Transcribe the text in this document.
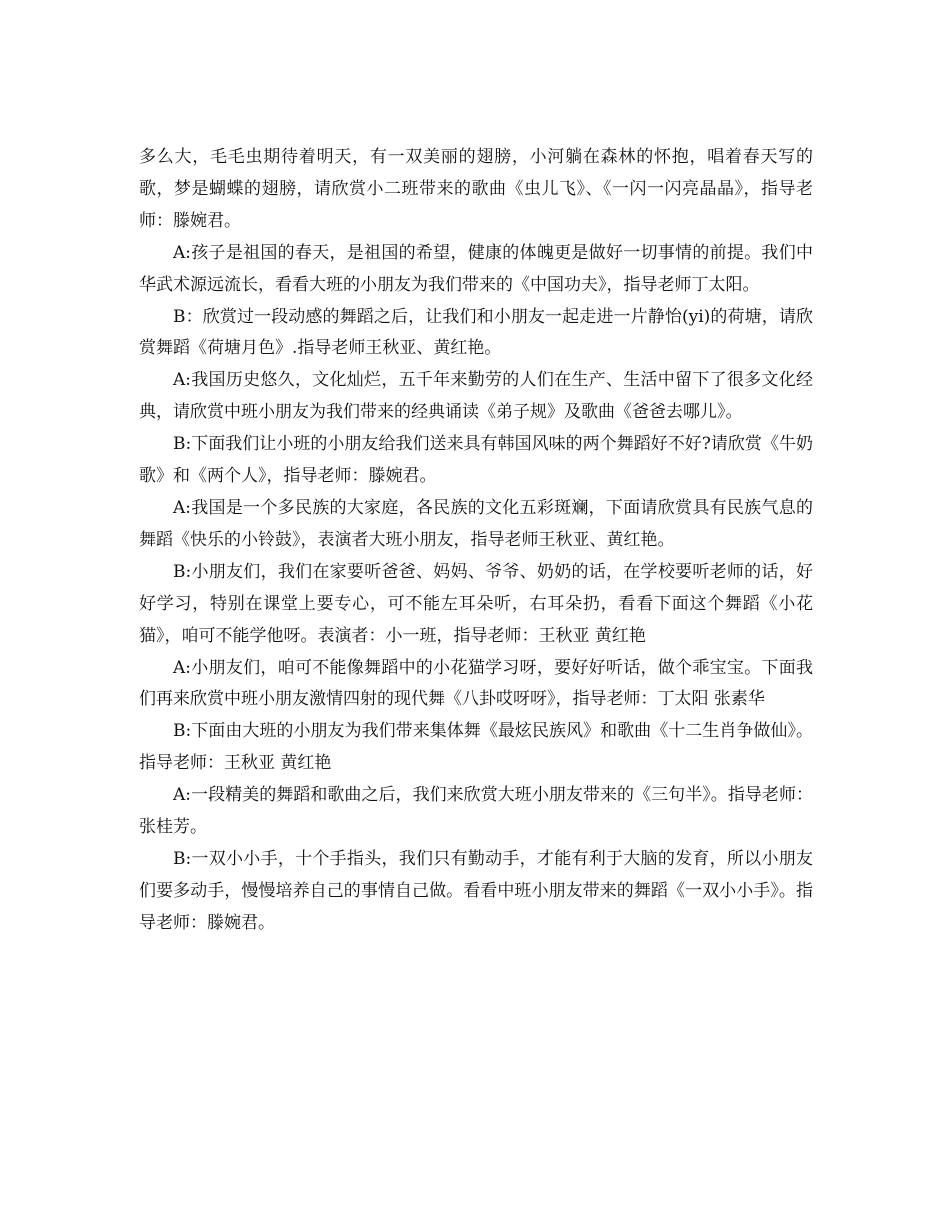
多么大，毛毛虫期待着明天，有一双美丽的翅膀，小河躺在森林的怀抱，唱着春天写的歌，梦是蝴蝶的翅膀，请欣赏小二班带来的歌曲《虫儿飞》、《一闪一闪亮晶晶》，指导老师：滕婉君。

A:孩子是祖国的春天，是祖国的希望，健康的体魄更是做好一切事情的前提。我们中华武术源远流长，看看大班的小朋友为我们带来的《中国功夫》，指导老师丁太阳。

B：欣赏过一段动感的舞蹈之后，让我们和小朋友一起走进一片静怡(yi)的荷塘，请欣赏舞蹈《荷塘月色》.指导老师王秋亚、黄红艳。

A:我国历史悠久，文化灿烂，五千年来勤劳的人们在生产、生活中留下了很多文化经典，请欣赏中班小朋友为我们带来的经典诵读《弟子规》及歌曲《爸爸去哪儿》。

B:下面我们让小班的小朋友给我们送来具有韩国风味的两个舞蹈好不好?请欣赏《牛奶歌》和《两个人》，指导老师：滕婉君。

A:我国是一个多民族的大家庭，各民族的文化五彩斑斓，下面请欣赏具有民族气息的舞蹈《快乐的小铃鼓》，表演者大班小朋友，指导老师王秋亚、黄红艳。

B:小朋友们，我们在家要听爸爸、妈妈、爷爷、奶奶的话，在学校要听老师的话，好好学习，特别在课堂上要专心，可不能左耳朵听，右耳朵扔，看看下面这个舞蹈《小花猫》，咱可不能学他呀。表演者：小一班，指导老师：王秋亚 黄红艳

A:小朋友们，咱可不能像舞蹈中的小花猫学习呀，要好好听话，做个乖宝宝。下面我们再来欣赏中班小朋友激情四射的现代舞《八卦哎呀呀》，指导老师：丁太阳 张素华

B:下面由大班的小朋友为我们带来集体舞《最炫民族风》和歌曲《十二生肖争做仙》。指导老师：王秋亚 黄红艳

A:一段精美的舞蹈和歌曲之后，我们来欣赏大班小朋友带来的《三句半》。指导老师：张桂芳。

B:一双小小手，十个手指头，我们只有勤动手，才能有利于大脑的发育，所以小朋友们要多动手，慢慢培养自己的事情自己做。看看中班小朋友带来的舞蹈《一双小小手》。指导老师：滕婉君。
